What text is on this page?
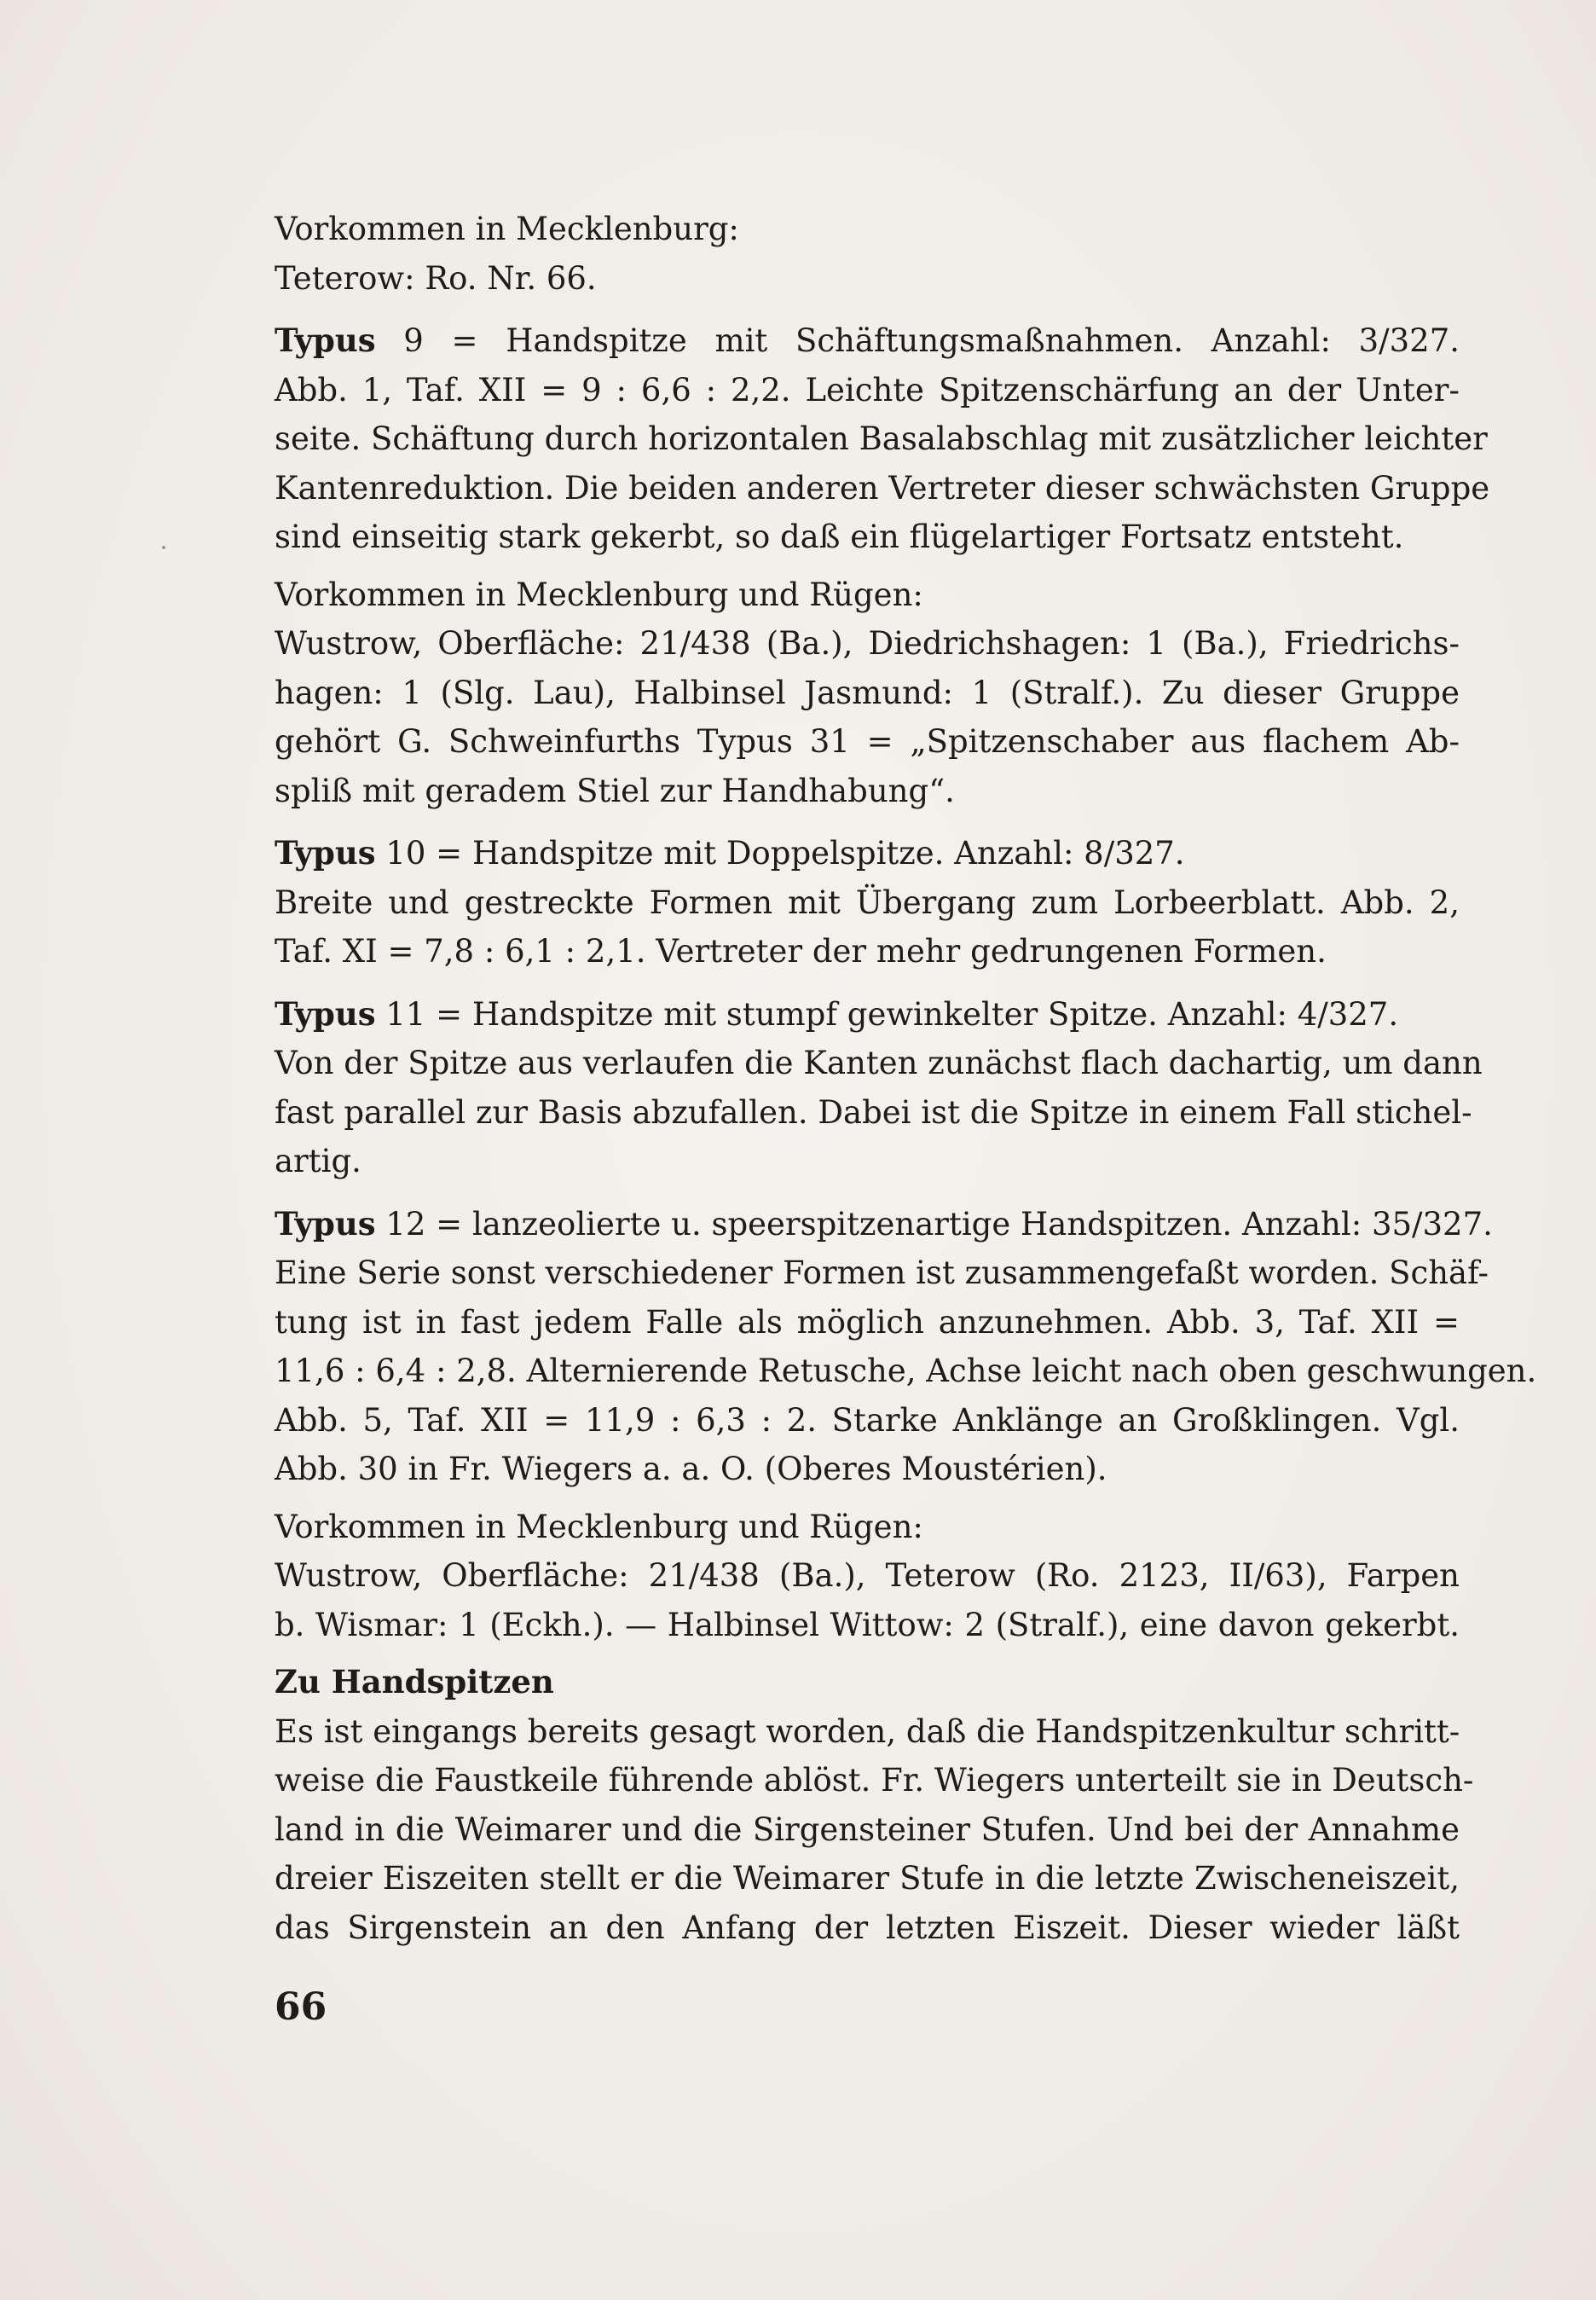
Vorkommen in Mecklenburg:
Teterow: Ro. Nr. 66.
Typus 9 = Handspitze mit Schäftungsmaßnahmen. Anzahl: 3/327.
Abb. 1, Taf. XII = 9 : 6,6 : 2,2. Leichte Spitzenschärfung an der Unter-
seite. Schäftung durch horizontalen Basalabschlag mit zusätzlicher leichter
Kantenreduktion. Die beiden anderen Vertreter dieser schwächsten Gruppe
sind einseitig stark gekerbt, so daß ein flügelartiger Fortsatz entsteht.
Vorkommen in Mecklenburg und Rügen:
Wustrow, Oberfläche: 21/438 (Ba.), Diedrichshagen: 1 (Ba.), Friedrichs-
hagen: 1 (Slg. Lau), Halbinsel Jasmund: 1 (Stralf.). Zu dieser Gruppe
gehört G. Schweinfurths Typus 31 = „Spitzenschaber aus flachem Ab-
spliß mit geradem Stiel zur Handhabung“.
Typus 10 = Handspitze mit Doppelspitze. Anzahl: 8/327.
Breite und gestreckte Formen mit Übergang zum Lorbeerblatt. Abb. 2,
Taf. XI = 7,8 : 6,1 : 2,1. Vertreter der mehr gedrungenen Formen.
Typus 11 = Handspitze mit stumpf gewinkelter Spitze. Anzahl: 4/327.
Von der Spitze aus verlaufen die Kanten zunächst flach dachartig, um dann
fast parallel zur Basis abzufallen. Dabei ist die Spitze in einem Fall stichel-
artig.
Typus 12 = lanzeolierte u. speerspitzenartige Handspitzen. Anzahl: 35/327.
Eine Serie sonst verschiedener Formen ist zusammengefaßt worden. Schäf-
tung ist in fast jedem Falle als möglich anzunehmen. Abb. 3, Taf. XII =
11,6 : 6,4 : 2,8. Alternierende Retusche, Achse leicht nach oben geschwungen.
Abb. 5, Taf. XII = 11,9 : 6,3 : 2. Starke Anklänge an Großklingen. Vgl.
Abb. 30 in Fr. Wiegers a. a. O. (Oberes Moustérien).
Vorkommen in Mecklenburg und Rügen:
Wustrow, Oberfläche: 21/438 (Ba.), Teterow (Ro. 2123, II/63), Farpen
b. Wismar: 1 (Eckh.). — Halbinsel Wittow: 2 (Stralf.), eine davon gekerbt.
Zu Handspitzen
Es ist eingangs bereits gesagt worden, daß die Handspitzenkultur schritt-
weise die Faustkeile führende ablöst. Fr. Wiegers unterteilt sie in Deutsch-
land in die Weimarer und die Sirgensteiner Stufen. Und bei der Annahme
dreier Eiszeiten stellt er die Weimarer Stufe in die letzte Zwischeneiszeit,
das Sirgenstein an den Anfang der letzten Eiszeit. Dieser wieder läßt
66
